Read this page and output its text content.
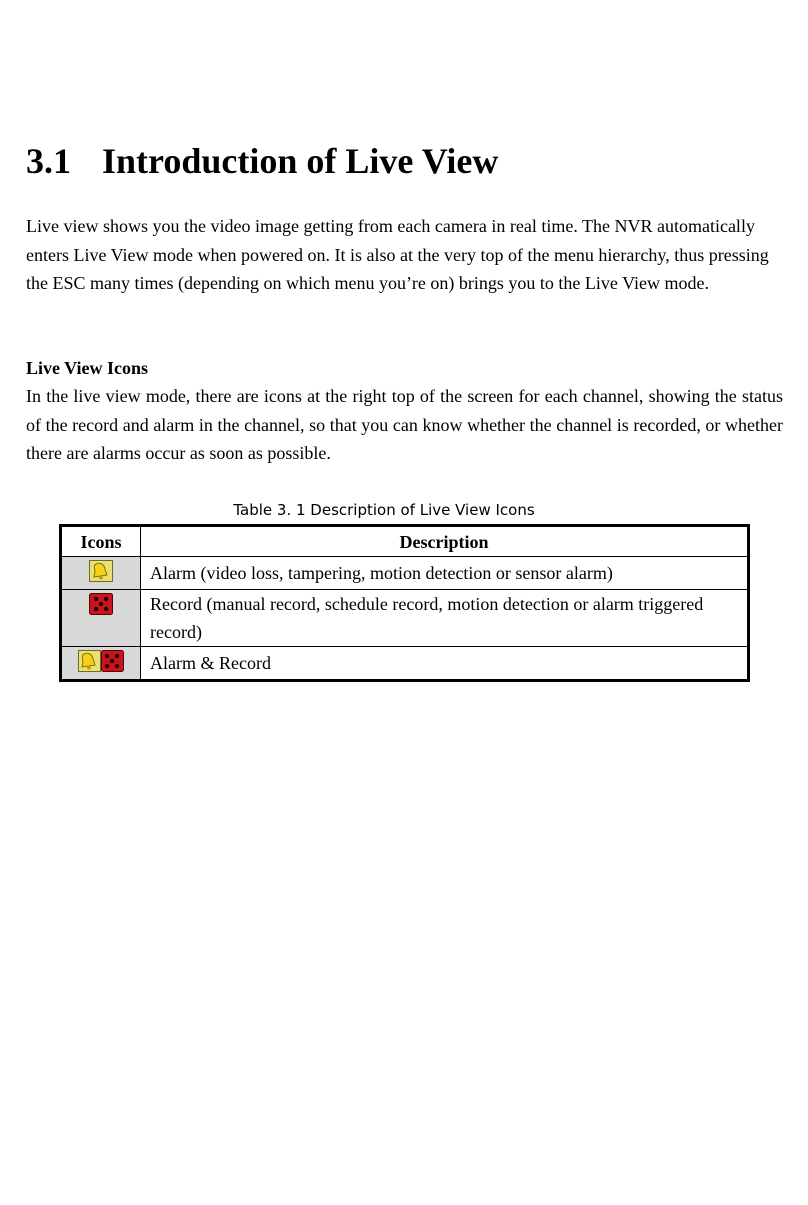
3.1 Introduction of Live View

Live view shows you the video image getting from each camera in real time. The NVR automatically enters Live View mode when powered on. It is also at the very top of the menu hierarchy, thus pressing the ESC many times (depending on which menu you’re on) brings you to the Live View mode.

Live View Icons

In the live view mode, there are icons at the right top of the screen for each channel, showing the status of the record and alarm in the channel, so that you can know whether the channel is recorded, or whether there are alarms occur as soon as possible.

Table 3. 1 Description of Live View Icons

Icons	Description
	Alarm (video loss, tampering, motion detection or sensor alarm)
	Record (manual record, schedule record, motion detection or alarm triggered record)
	Alarm & Record
